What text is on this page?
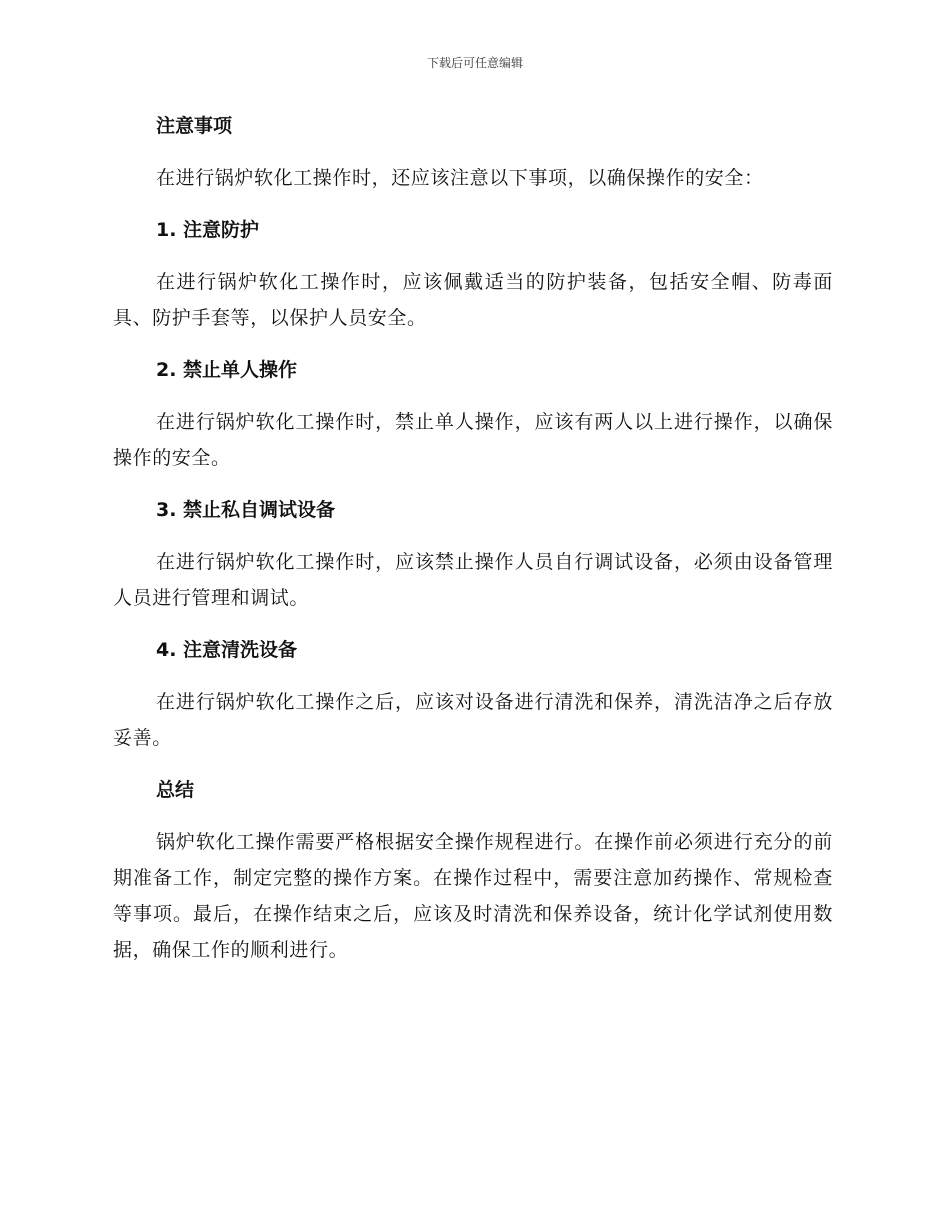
下载后可任意编辑
注意事项

在进行锅炉软化工操作时，还应该注意以下事项，以确保操作的安全：

1. 注意防护

在进行锅炉软化工操作时，应该佩戴适当的防护装备，包括安全帽、防毒面具、防护手套等，以保护人员安全。

2. 禁止单人操作

在进行锅炉软化工操作时，禁止单人操作，应该有两人以上进行操作，以确保操作的安全。

3. 禁止私自调试设备

在进行锅炉软化工操作时，应该禁止操作人员自行调试设备，必须由设备管理人员进行管理和调试。

4. 注意清洗设备

在进行锅炉软化工操作之后，应该对设备进行清洗和保养，清洗洁净之后存放妥善。

总结

锅炉软化工操作需要严格根据安全操作规程进行。在操作前必须进行充分的前期准备工作，制定完整的操作方案。在操作过程中，需要注意加药操作、常规检查等事项。最后，在操作结束之后，应该及时清洗和保养设备，统计化学试剂使用数据，确保工作的顺利进行。
